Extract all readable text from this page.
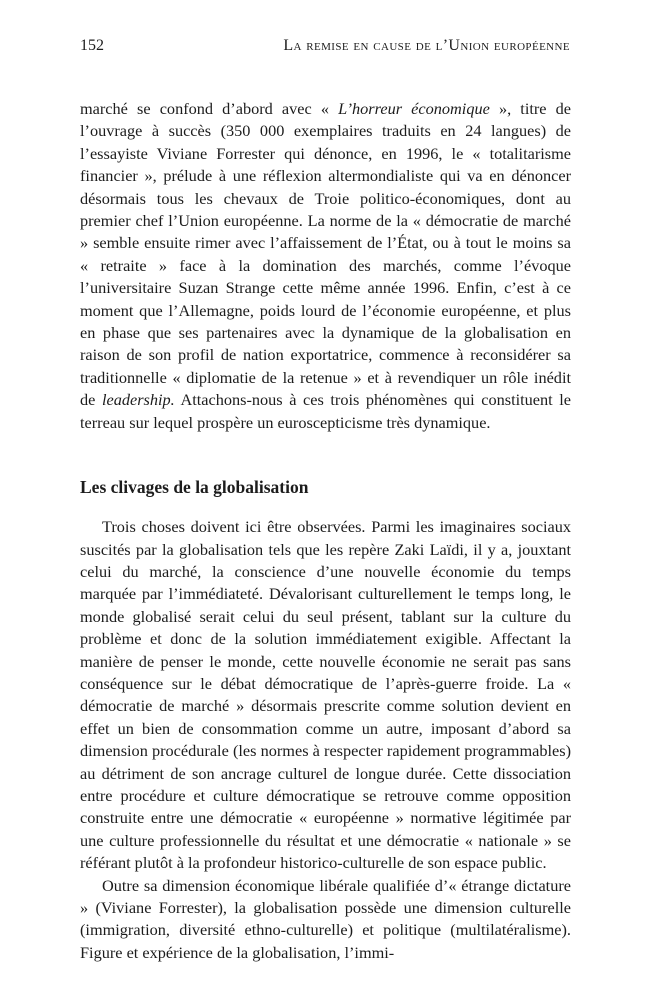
152	La remise en cause de l’Union européenne

marché se confond d’abord avec « L’horreur économique », titre de l’ouvrage à succès (350 000 exemplaires traduits en 24 langues) de l’essayiste Viviane Forrester qui dénonce, en 1996, le « totalitarisme financier », prélude à une réflexion altermondialiste qui va en dénoncer désormais tous les chevaux de Troie politico-économiques, dont au premier chef l’Union européenne. La norme de la « démocratie de marché » semble ensuite rimer avec l’affaissement de l’État, ou à tout le moins sa « retraite » face à la domination des marchés, comme l’évoque l’universitaire Suzan Strange cette même année 1996. Enfin, c’est à ce moment que l’Allemagne, poids lourd de l’économie européenne, et plus en phase que ses partenaires avec la dynamique de la globalisation en raison de son profil de nation exportatrice, commence à reconsidérer sa traditionnelle « diplomatie de la retenue » et à revendiquer un rôle inédit de leadership. Attachons-nous à ces trois phénomènes qui constituent le terreau sur lequel prospère un euroscepticisme très dynamique.

Les clivages de la globalisation

Trois choses doivent ici être observées. Parmi les imaginaires sociaux suscités par la globalisation tels que les repère Zaki Laïdi, il y a, jouxtant celui du marché, la conscience d’une nouvelle économie du temps marquée par l’immédiateté. Dévalorisant culturellement le temps long, le monde globalisé serait celui du seul présent, tablant sur la culture du problème et donc de la solution immédiatement exigible. Affectant la manière de penser le monde, cette nouvelle économie ne serait pas sans conséquence sur le débat démocratique de l’après-guerre froide. La « démocratie de marché » désormais prescrite comme solution devient en effet un bien de consommation comme un autre, imposant d’abord sa dimension procédurale (les normes à respecter rapidement programmables) au détriment de son ancrage culturel de longue durée. Cette dissociation entre procédure et culture démocratique se retrouve comme opposition construite entre une démocratie « européenne » normative légitimée par une culture professionnelle du résultat et une démocratie « nationale » se référant plutôt à la profondeur historico-culturelle de son espace public.

Outre sa dimension économique libérale qualifiée d’« étrange dictature » (Viviane Forrester), la globalisation possède une dimension culturelle (immigration, diversité ethno-culturelle) et politique (multilatéralisme). Figure et expérience de la globalisation, l’immi-
